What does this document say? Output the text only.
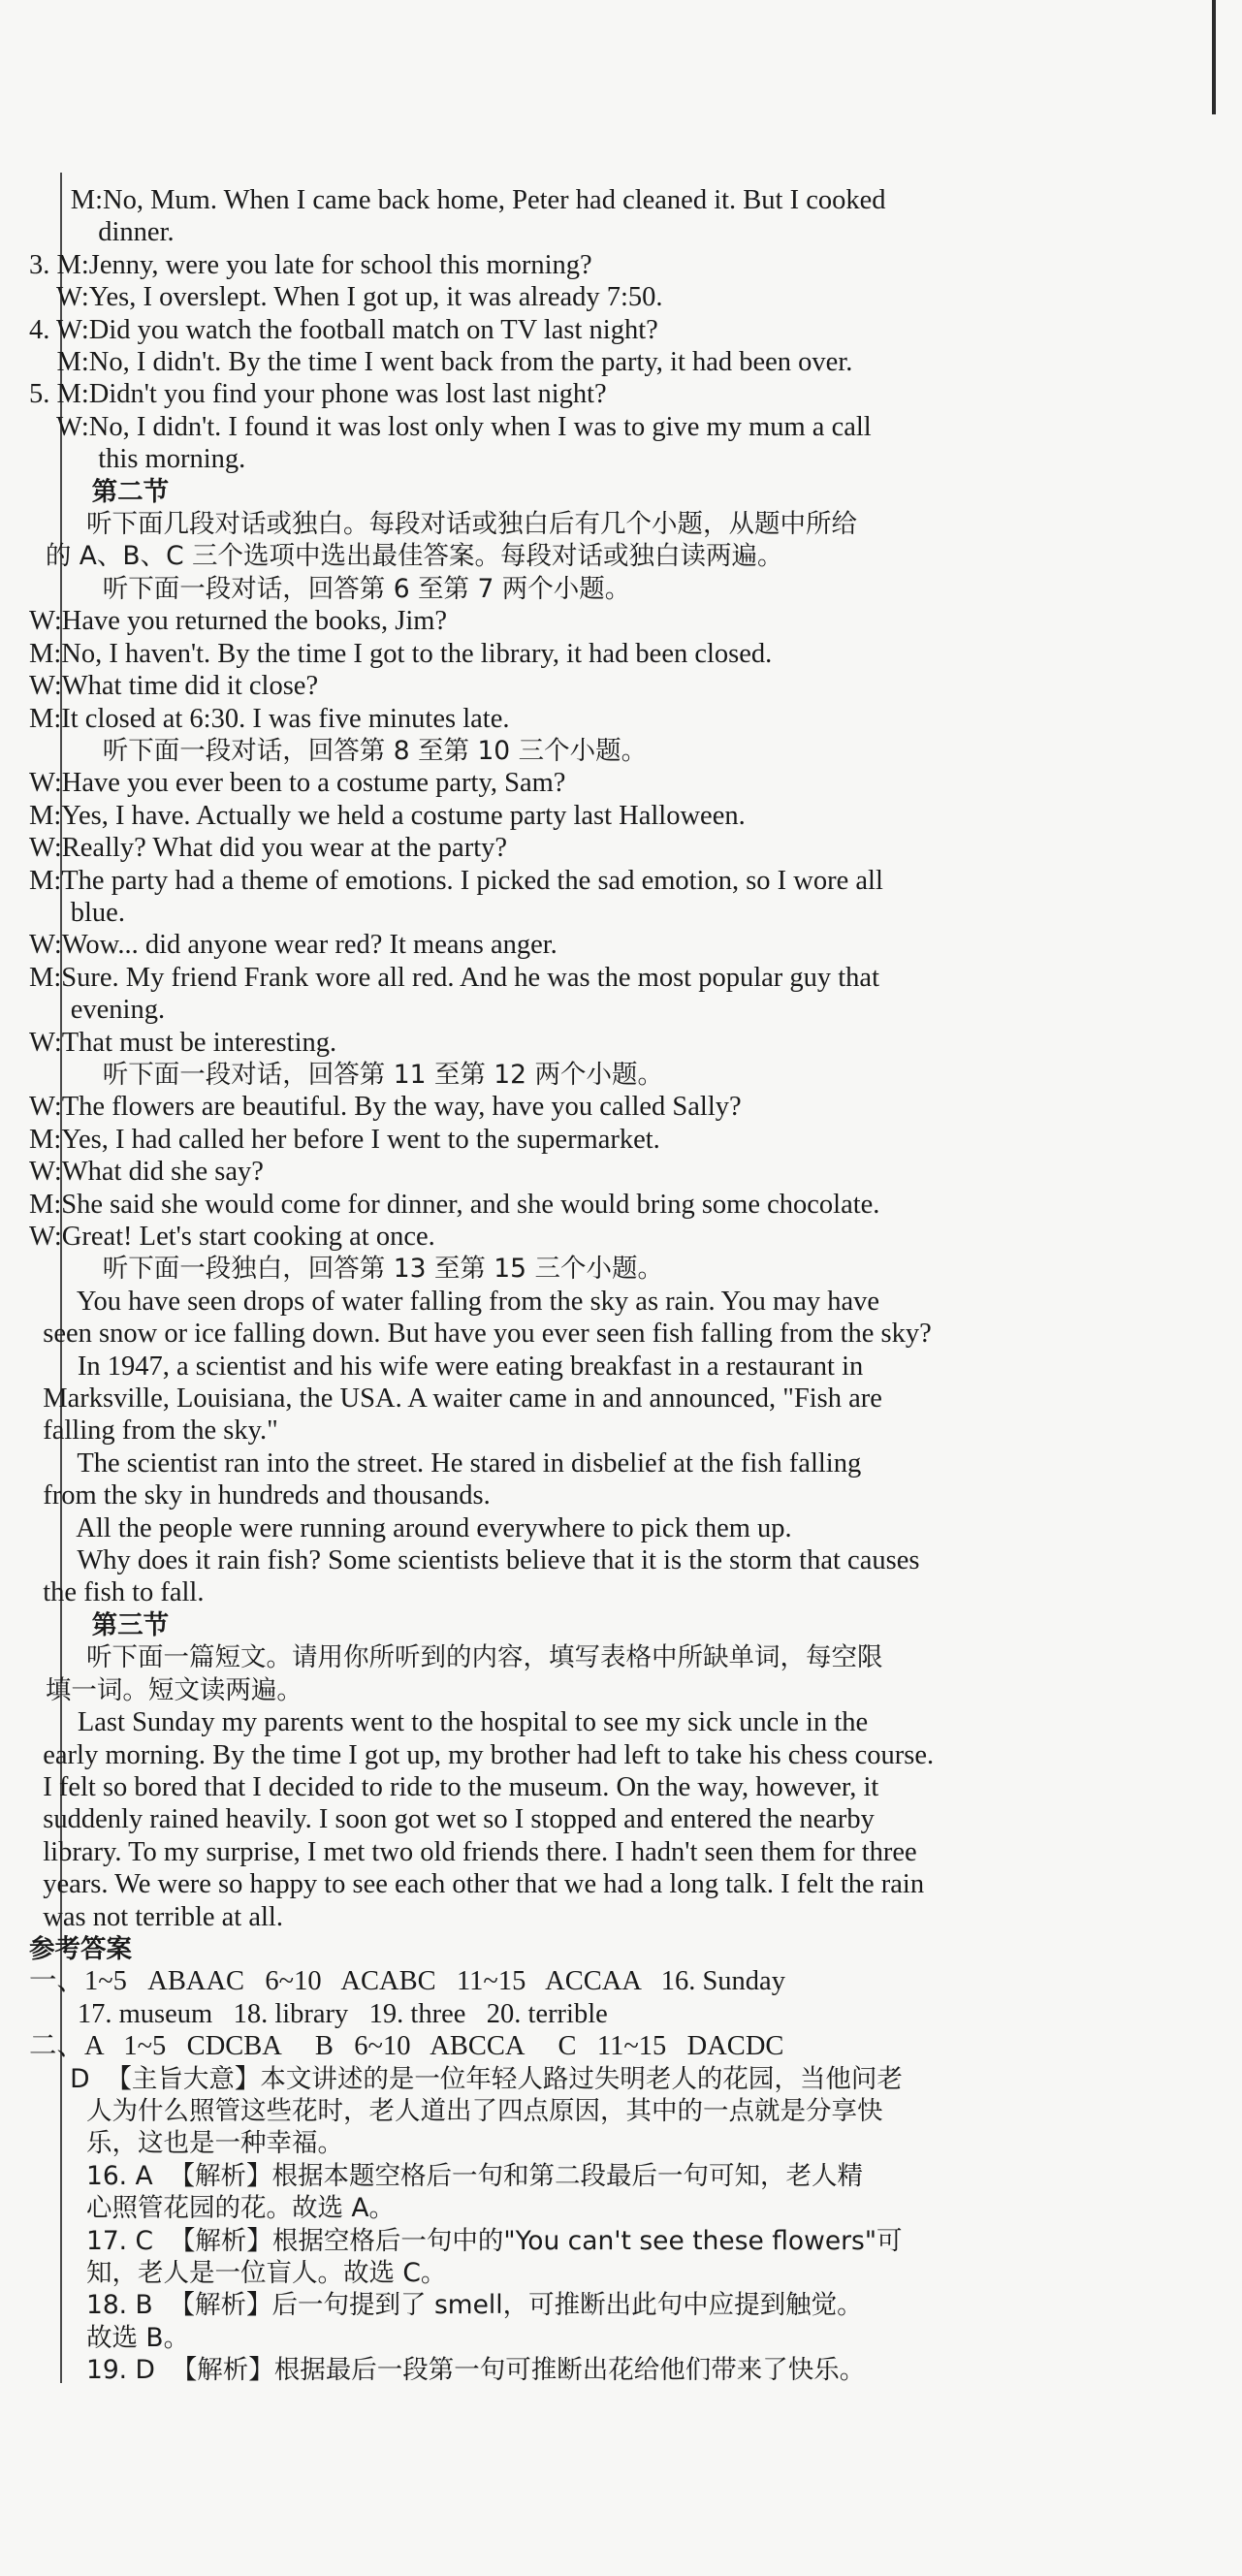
M:No, Mum. When I came back home, Peter had cleaned it. But I cooked
dinner.
3. M:Jenny, were you late for school this morning?
W:Yes, I overslept. When I got up, it was already 7:50.
4. W:Did you watch the football match on TV last night?
M:No, I didn't. By the time I went back from the party, it had been over.
5. M:Didn't you find your phone was lost last night?
W:No, I didn't. I found it was lost only when I was to give my mum a call
this morning.
第二节
听下面几段对话或独白。每段对话或独白后有几个小题，从题中所给
的 A、B、C 三个选项中选出最佳答案。每段对话或独白读两遍。
听下面一段对话，回答第 6 至第 7 两个小题。
W:Have you returned the books, Jim?
M:No, I haven't. By the time I got to the library, it had been closed.
W:What time did it close?
M:It closed at 6:30. I was five minutes late.
听下面一段对话，回答第 8 至第 10 三个小题。
W:Have you ever been to a costume party, Sam?
M:Yes, I have. Actually we held a costume party last Halloween.
W:Really? What did you wear at the party?
M:The party had a theme of emotions. I picked the sad emotion, so I wore all
blue.
W:Wow... did anyone wear red? It means anger.
M:Sure. My friend Frank wore all red. And he was the most popular guy that
evening.
W:That must be interesting.
听下面一段对话，回答第 11 至第 12 两个小题。
W:The flowers are beautiful. By the way, have you called Sally?
M:Yes, I had called her before I went to the supermarket.
W:What did she say?
M:She said she would come for dinner, and she would bring some chocolate.
W:Great! Let's start cooking at once.
听下面一段独白，回答第 13 至第 15 三个小题。
You have seen drops of water falling from the sky as rain. You may have
seen snow or ice falling down. But have you ever seen fish falling from the sky?
In 1947, a scientist and his wife were eating breakfast in a restaurant in
Marksville, Louisiana, the USA. A waiter came in and announced, "Fish are
falling from the sky."
The scientist ran into the street. He stared in disbelief at the fish falling
from the sky in hundreds and thousands.
All the people were running around everywhere to pick them up.
Why does it rain fish? Some scientists believe that it is the storm that causes
the fish to fall.
第三节
听下面一篇短文。请用你所听到的内容，填写表格中所缺单词，每空限
填一词。短文读两遍。
Last Sunday my parents went to the hospital to see my sick uncle in the
early morning. By the time I got up, my brother had left to take his chess course.
I felt so bored that I decided to ride to the museum. On the way, however, it
suddenly rained heavily. I soon got wet so I stopped and entered the nearby
library. To my surprise, I met two old friends there. I hadn't seen them for three
years. We were so happy to see each other that we had a long talk. I felt the rain
was not terrible at all.
参考答案
一、1~5   ABAAC   6~10   ACABC   11~15   ACCAA   16. Sunday
17. museum   18. library   19. three   20. terrible
二、A   1~5   CDCBA     B   6~10   ABCCA     C   11~15   DACDC
D  【主旨大意】本文讲述的是一位年轻人路过失明老人的花园，当他问老
人为什么照管这些花时，老人道出了四点原因，其中的一点就是分享快
乐，这也是一种幸福。
16. A  【解析】根据本题空格后一句和第二段最后一句可知，老人精
心照管花园的花。故选 A。
17. C  【解析】根据空格后一句中的"You can't see these flowers"可
知，老人是一位盲人。故选 C。
18. B  【解析】后一句提到了 smell，可推断出此句中应提到触觉。
故选 B。
19. D  【解析】根据最后一段第一句可推断出花给他们带来了快乐。
